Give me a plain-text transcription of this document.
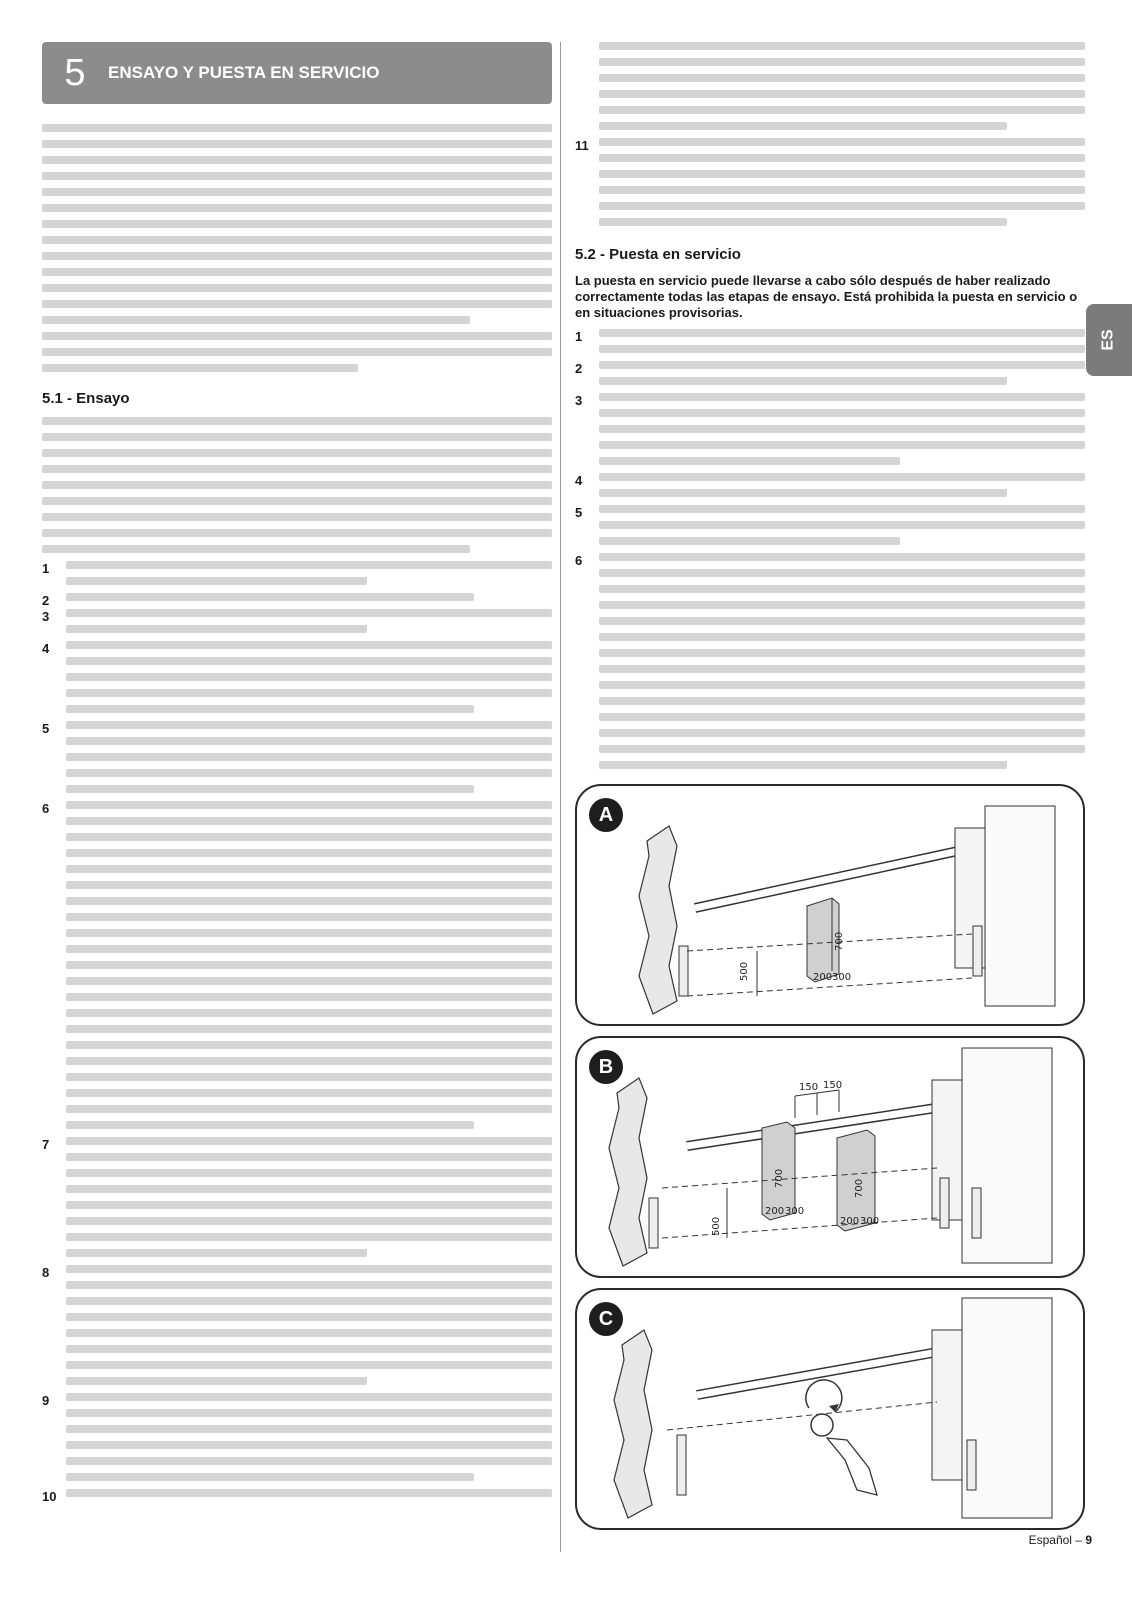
5	ENSAYO Y PUESTA EN SERVICIO
5.1 - Ensayo
1
2
3
4
5
6
7
8
9
10
11
5.2 - Puesta en servicio
La puesta en servicio puede llevarse a cabo sólo después de haber realizado correctamente todas las etapas de ensayo. Está prohibida la puesta en servicio o en situaciones provisorias.
1
2
3
4
5
6
500
700
200 300
A
150 150
500
700
700
200 300
200 300
B
C
ES
Español – 9
